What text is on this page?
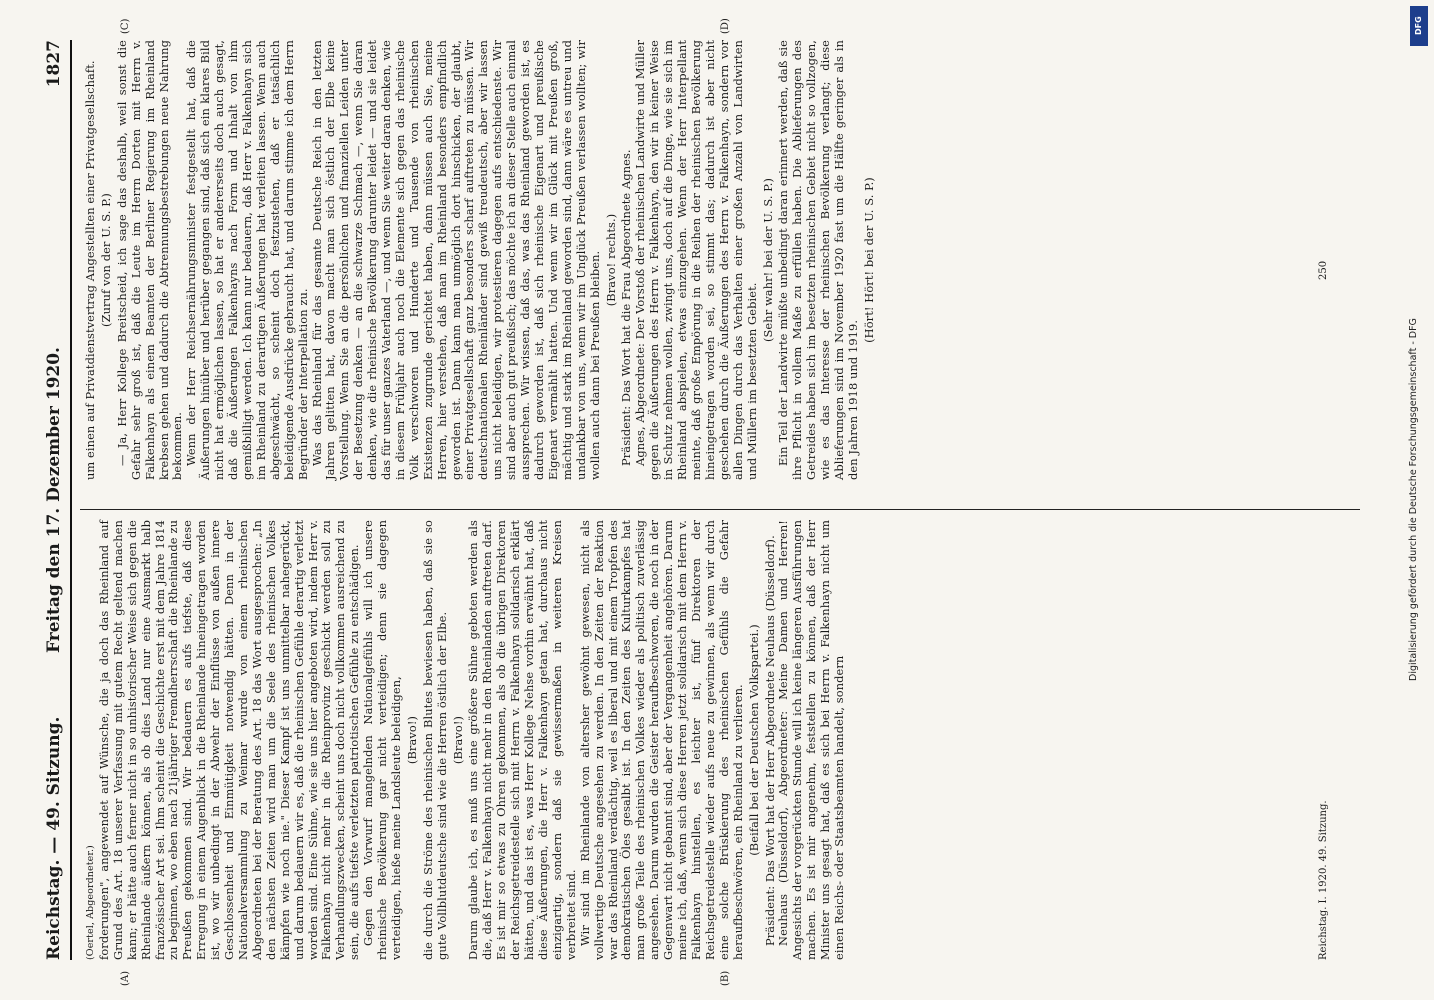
Reichstag. — 49. Sitzung.
Freitag den 17. Dezember 1920.
1827
(A)	(B)
(C)	(D)

(Oertel, Abgeordneter.) forderungen", angewendet auf Wünsche, die ja doch das Rheinland auf Grund des Art. 18 unserer Verfassung mit gutem Recht geltend machen kann; er hätte auch ferner nicht in so unhistorischer Weise sich gegen die Rheinlande äußern können, als ob dies Land nur eine Ausmarkt halb französischer Art sei. Ihm scheint die Geschichte erst mit dem Jahre 1814 zu beginnen, wo eben nach 21jähriger Fremdherrschaft die Rheinlande zu Preußen gekommen sind. Wir bedauern es aufs tiefste, daß diese Erregung in einem Augenblick in die Rheinlande hineingetragen worden ist, wo wir unbedingt in der Abwehr der Einflüsse von außen innere Geschlossenheit und Einmütigkeit notwendig hätten. Denn in der Nationalversammlung zu Weimar wurde von einem rheinischen Abgeordneten bei der Beratung des Art. 18 das Wort ausgesprochen: „In den nächsten Zeiten wird man um die Seele des rheinischen Volkes kämpfen wie noch nie." Dieser Kampf ist uns unmittelbar nahegerückt, und darum bedauern wir es, daß die rheinischen Gefühle derartig verletzt worden sind. Eine Sühne, wie sie uns hier angeboten wird, indem Herr v. Falkenhayn nicht mehr in die Rheinprovinz geschickt werden soll zu Verhandlungszwecken, scheint uns doch nicht vollkommen ausreichend zu sein, die aufs tiefste verletzten patriotischen Gefühle zu entschädigen. Gegen den Vorwurf mangelnden Nationalgefühls will ich unsere rheinische Bevölkerung gar nicht verteidigen; denn sie dagegen verteidigen, hieße meine Landsleute beleidigen, (Bravo!) die durch die Ströme des rheinischen Blutes bewiesen haben, daß sie so gute Vollblutdeutsche sind wie die Herren östlich der Elbe. (Bravo!) Darum glaube ich, es muß uns eine größere Sühne geboten werden als die, daß Herr v. Falkenhayn nicht mehr in den Rheinlanden auftreten darf. Es ist mir so etwas zu Ohren gekommen, als ob die übrigen Direktoren der Reichsgetreidestelle sich mit Herrn v. Falkenhayn solidarisch erklärt hätten, und das ist es, was Herr Kollege Nehse vorhin erwähnt hat, daß diese Äußerungen, die Herr v. Falkenhayn getan hat, durchaus nicht einzigartig, sondern daß sie gewissermaßen in weiteren Kreisen verbreitet sind. Wir sind im Rheinlande von altersher gewöhnt gewesen, nicht als vollwertige Deutsche angesehen zu werden. In den Zeiten der Reaktion war das Rheinland verdächtig, weil es liberal und mit einem Tropfen des demokratischen Öles gesalbt ist. In den Zeiten des Kulturkampfes hat man große Teile des rheinischen Volkes wieder als politisch zuverlässig angesehen. Darum wurden die Geister heraufbeschworen, die noch in der Gegenwart nicht gebannt sind, aber der Vergangenheit angehören. Darum meine ich, daß, wenn sich diese Herren jetzt solidarisch mit dem Herrn v. Falkenhayn hinstellen, es leichter ist, fünf Direktoren der Reichsgetreidestelle wieder aufs neue zu gewinnen, als wenn wir durch eine solche Brüskierung des rheinischen Gefühls die Gefahr heraufbeschwören, ein Rheinland zu verlieren. (Beifall bei der Deutschen Volkspartei.) Präsident: Das Wort hat der Herr Abgeordnete Neuhaus (Düsseldorf). Neuhaus (Düsseldorf), Abgeordneter: Meine Damen und Herren! Angesichts der vorgerückten Stunde will ich keine längeren Ausführungen machen. Es ist mir angenehm, feststellen zu können, daß der Herr Minister uns gesagt hat, daß es sich bei Herrn v. Falkenhayn nicht um einen Reichs- oder Staatsbeamten handelt, sondern

um einen auf Privatdienstvertrag Angestellten einer Privatgesellschaft. (Zuruf von der U. S. P.) — Ja, Herr Kollege Breitscheid, ich sage das deshalb, weil sonst die Gefahr sehr groß ist, daß die Leute im Herrn Dorten mit Herrn v. Falkenhayn als einem Beamten der Berliner Regierung im Rheinland krebsen gehen und dadurch die Abtrennungsbestrebungen neue Nahrung bekommen. Wenn der Herr Reichsernährungsminister festgestellt hat, daß die Äußerungen hinüber und herüber gegangen sind, daß sich ein klares Bild nicht hat ermöglichen lassen, so hat er andererseits doch auch gesagt, daß die Äußerungen Falkenhayns nach Form und Inhalt von ihm gemißbilligt werden. Ich kann nur bedauern, daß Herr v. Falkenhayn sich im Rheinland zu derartigen Äußerungen hat verleiten lassen. Wenn auch abgeschwächt, so scheint doch festzustehen, daß er tatsächlich beleidigende Ausdrücke gebraucht hat, und darum stimme ich dem Herrn Begründer der Interpellation zu. Was das Rheinland für das gesamte Deutsche Reich in den letzten Jahren gelitten hat, davon macht man sich östlich der Elbe keine Vorstellung. Wenn Sie an die persönlichen und finanziellen Leiden unter der Besetzung denken — an die schwarze Schmach —, wenn Sie daran denken, wie die rheinische Bevölkerung darunter leidet — und sie leidet das für unser ganzes Vaterland —, und wenn Sie weiter daran denken, wie in diesem Frühjahr auch noch die Elemente sich gegen das rheinische Volk verschworen und Hunderte und Tausende von rheinischen Existenzen zugrunde gerichtet haben, dann müssen auch Sie, meine Herren, hier verstehen, daß man im Rheinland besonders empfindlich geworden ist. Dann kann man unmöglich dort hinschicken, der glaubt, einer Privatgesellschaft ganz besonders scharf auftreten zu müssen. Wir deutschnationalen Rheinländer sind gewiß treudeutsch, aber wir lassen uns nicht beleidigen, wir protestieren dagegen aufs entschiedenste. Wir sind aber auch gut preußisch; das möchte ich an dieser Stelle auch einmal aussprechen. Wir wissen, daß das, was das Rheinland geworden ist, es dadurch geworden ist, daß sich rheinische Eigenart und preußische Eigenart vermählt hatten. Und wenn wir im Glück mit Preußen groß, mächtig und stark im Rheinland geworden sind, dann wäre es untreu und undankbar von uns, wenn wir im Unglück Preußen verlassen wollten; wir wollen auch dann bei Preußen bleiben. (Bravo! rechts.) Präsident: Das Wort hat die Frau Abgeordnete Agnes. Agnes, Abgeordnete: Der Vorstoß der rheinischen Landwirte und Müller gegen die Äußerungen des Herrn v. Falkenhayn, den wir in keiner Weise in Schutz nehmen wollen, zwingt uns, doch auf die Dinge, wie sie sich im Rheinland abspielen, etwas einzugehen. Wenn der Herr Interpellant meinte, daß große Empörung in die Reihen der rheinischen Bevölkerung hineingetragen worden sei, so stimmt das; dadurch ist aber nicht geschehen durch die Äußerungen des Herrn v. Falkenhayn, sondern vor allen Dingen durch das Verhalten einer großen Anzahl von Landwirten und Müllern im besetzten Gebiet.

(Sehr wahr! bei der U. S. P.) Ein Teil der Landwirte müßte unbedingt daran erinnert werden, daß sie ihre Pflicht in vollem Maße zu erfüllen haben. Die Ablieferungen des Getreides haben sich im besetzten rheinischen Gebiet nicht so vollzogen, wie es das Interesse der rheinischen Bevölkerung verlangt; diese Ablieferungen sind im November 1920 fast um die Hälfte geringer als in den Jahren 1918 und 1919.

(Hört! Hört! bei der U. S. P.)

Reichstag. I. 1920. 49. Sitzung.
250
DFG
Digitalisierung gefördert durch die Deutsche Forschungsgemeinschaft - DFG
